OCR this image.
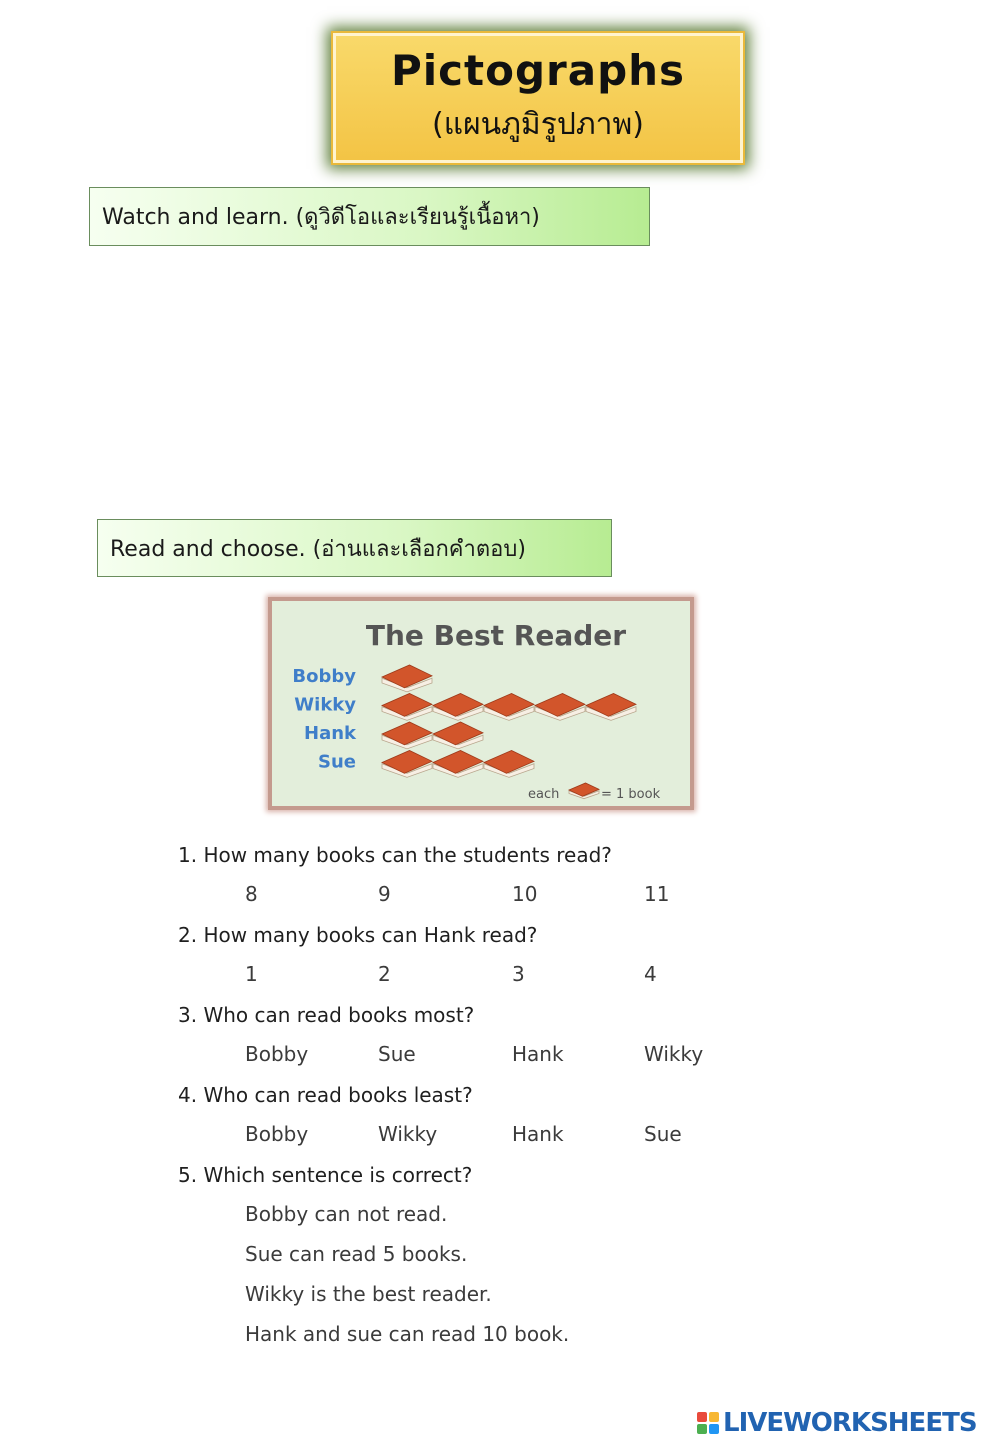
Pictographs
(แผนภูมิรูปภาพ)
Watch and learn. (ดูวิดีโอและเรียนรู้เนื้อหา)
Read and choose. (อ่านและเลือกคำตอบ)
The Best Reader
Bobby
Wikky
Hank
Sue
each	= 1 book
1. How many books can the students read?
8	9	10	11
2. How many books can Hank read?
1	2	3	4
3. Who can read books most?
Bobby	Sue	Hank	Wikky
4. Who can read books least?
Bobby	Wikky	Hank	Sue
5. Which sentence is correct?
Bobby can not read.
Sue can read 5 books.
Wikky is the best reader.
Hank and sue can read 10 book.
LIVEWORKSHEETS
